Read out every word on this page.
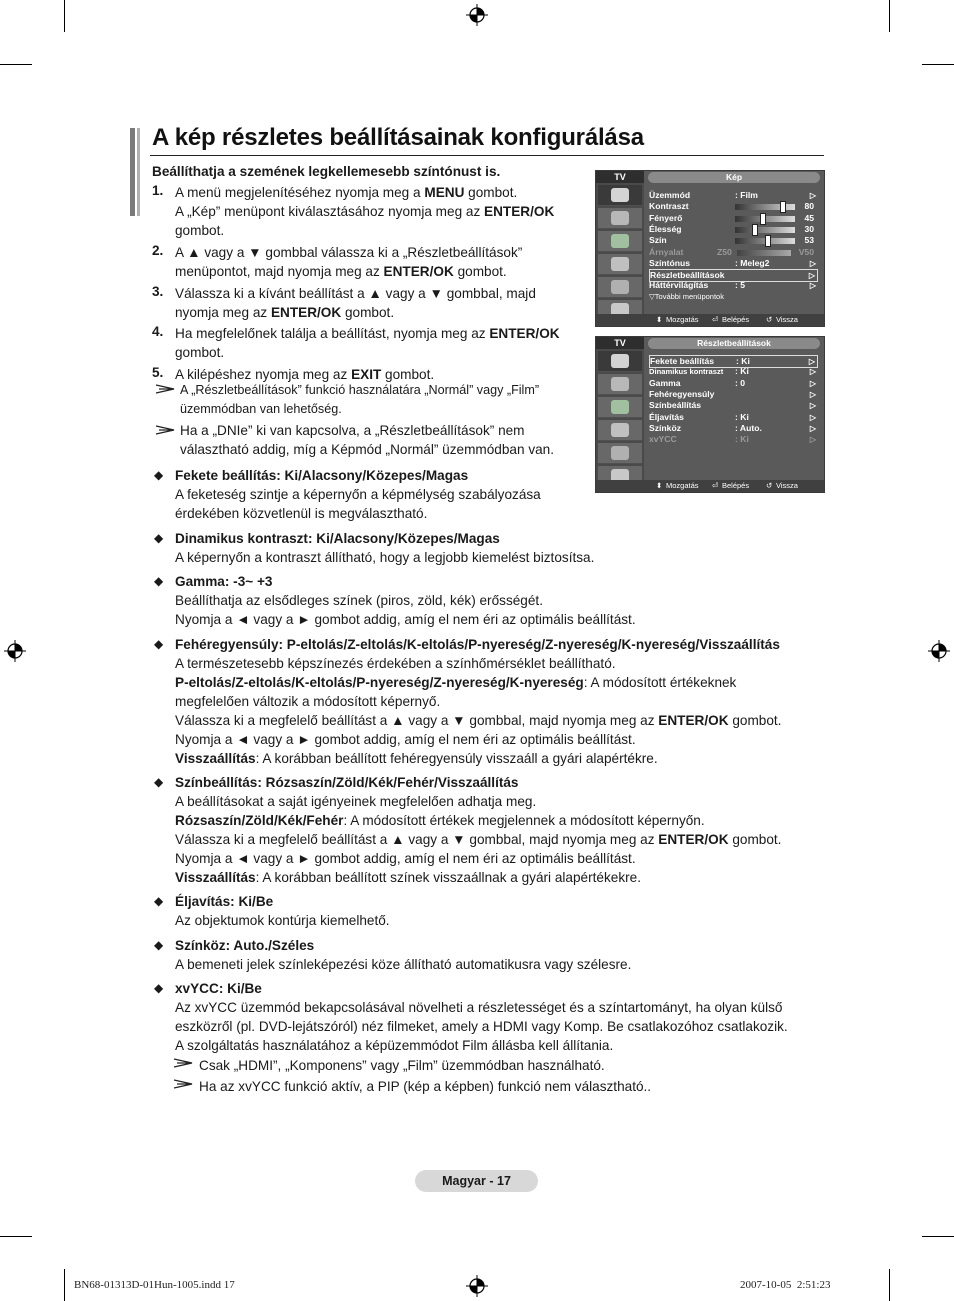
A kép részletes beállításainak konfigurálása
Beállíthatja a szemének legkellemesebb színtónust is.
1. A menü megjelenítéséhez nyomja meg a MENU gombot.
A „Kép” menüpont kiválasztásához nyomja meg az ENTER/OK
gombot.
2. A ▲ vagy a ▼ gombbal válassza ki a „Részletbeállítások”
menüpontot, majd nyomja meg az ENTER/OK gombot.
3. Válassza ki a kívánt beállítást a ▲ vagy a ▼ gombbal, majd
nyomja meg az ENTER/OK gombot.
4. Ha megfelelőnek találja a beállítást, nyomja meg az ENTER/OK
gombot.
5. A kilépéshez nyomja meg az EXIT gombot.
A „Részletbeállítások” funkció használatára „Normál” vagy „Film”
üzemmódban van lehetőség.
Ha a „DNIe” ki van kapcsolva, a „Részletbeállítások” nem
választható addig, míg a Képmód „Normál” üzemmódban van.
◆ Fekete beállítás: Ki/Alacsony/Közepes/Magas
A feketeség szintje a képernyőn a képmélység szabályozása
érdekében közvetlenül is megválasztható.
◆ Dinamikus kontraszt: Ki/Alacsony/Közepes/Magas
A képernyőn a kontraszt állítható, hogy a legjobb kiemelést biztosítsa.
◆ Gamma: -3~ +3
Beállíthatja az elsődleges színek (piros, zöld, kék) erősségét.
Nyomja a ◄ vagy a ► gombot addig, amíg el nem éri az optimális beállítást.
◆ Fehéregyensúly: P-eltolás/Z-eltolás/K-eltolás/P-nyereség/Z-nyereség/K-nyereség/Visszaállítás
A természetesebb képszínezés érdekében a színhőmérséklet beállítható.
P-eltolás/Z-eltolás/K-eltolás/P-nyereség/Z-nyereség/K-nyereség: A módosított értékeknek
megfelelően változik a módosított képernyő.
Válassza ki a megfelelő beállítást a ▲ vagy a ▼ gombbal, majd nyomja meg az ENTER/OK gombot.
Nyomja a ◄ vagy a ► gombot addig, amíg el nem éri az optimális beállítást.
Visszaállítás: A korábban beállított fehéregyensúly visszaáll a gyári alapértékre.
◆ Színbeállítás: Rózsaszín/Zöld/Kék/Fehér/Visszaállítás
A beállításokat a saját igényeinek megfelelően adhatja meg.
Rózsaszín/Zöld/Kék/Fehér: A módosított értékek megjelennek a módosított képernyőn.
Válassza ki a megfelelő beállítást a ▲ vagy a ▼ gombbal, majd nyomja meg az ENTER/OK gombot.
Nyomja a ◄ vagy a ► gombot addig, amíg el nem éri az optimális beállítást.
Visszaállítás: A korábban beállított színek visszaállnak a gyári alapértékekre.
◆ Éljavítás: Ki/Be
Az objektumok kontúrja kiemelhető.
◆ Színköz: Auto./Széles
A bemeneti jelek színleképezési köze állítható automatikusra vagy szélesre.
◆ xvYCC: Ki/Be
Az xvYCC üzemmód bekapcsolásával növelheti a részletességet és a színtartományt, ha olyan külső
eszközről (pl. DVD-lejátszóról) néz filmeket, amely a HDMI vagy Komp. Be csatlakozóhoz csatlakozik.
A szolgáltatás használatához a képüzemmódot Film állásba kell állítania.
Csak „HDMI”, „Komponens” vagy „Film” üzemmódban használható.
Ha az xvYCC funkció aktív, a PIP (kép a képben) funkció nem választható..
TV	Kép
Üzemmód	: Film	▷
Kontraszt	80
Fényerő	45
Élesség	30
Szín	53
Árnyalat	Z50	V50
Színtónus	: Meleg2	▷
Részletbeállítások	▷
Háttérvilágítás	: 5	▷
▽További menüpontok
⬍ Mozgatás ⏎ Belépés ↺ Vissza
TV	Részletbeállítások
Fekete beállítás	: Ki	▷
Dinamikus kontraszt : Ki	▷
Gamma	: 0	▷
Fehéregyensúly	▷
Színbeállítás	▷
Éljavítás	: Ki	▷
Színköz	: Auto.	▷
xvYCC	: Ki	▷
⬍ Mozgatás ⏎ Belépés ↺ Vissza
Magyar - 17
BN68-01313D-01Hun-1005.indd 17	2007-10-05 ︎︎ 2:51:23
